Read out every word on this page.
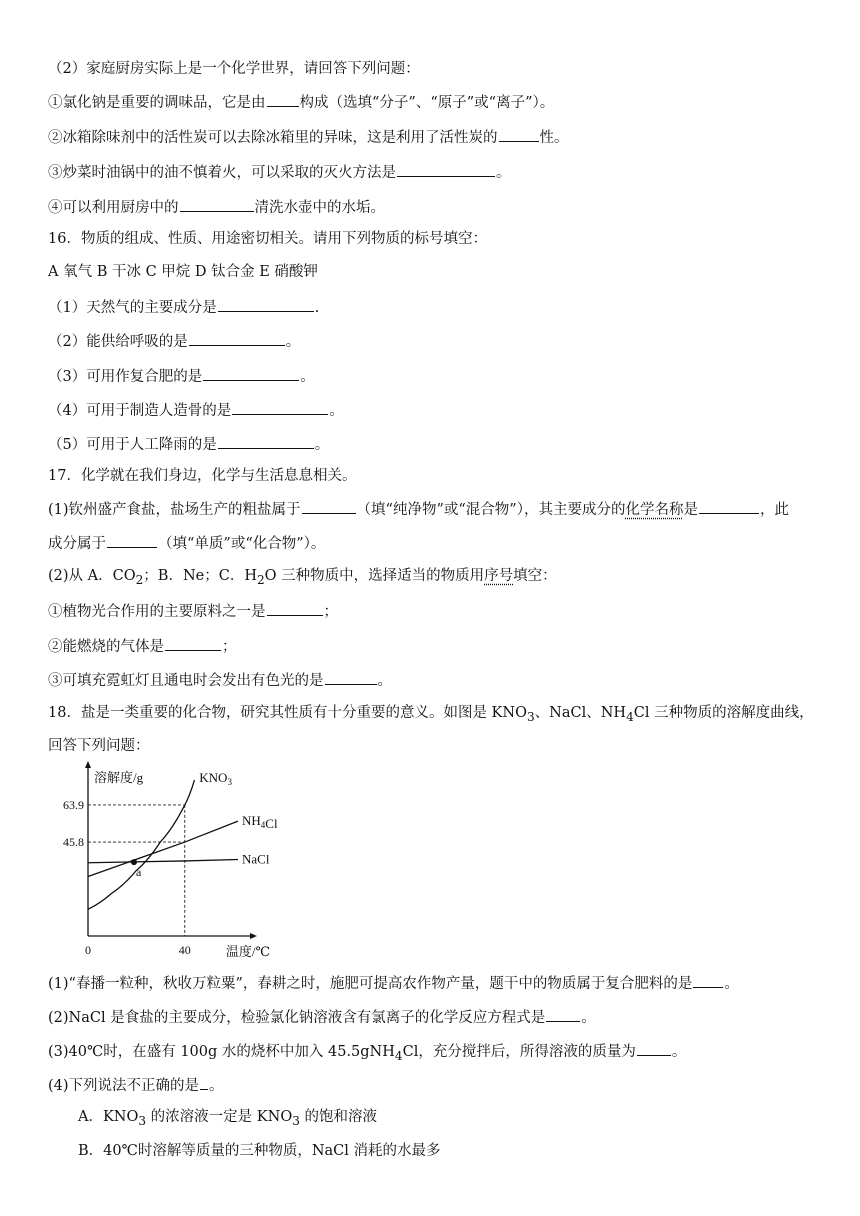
（2）家庭厨房实际上是一个化学世界，请回答下列问题：
①氯化钠是重要的调味品，它是由 构成（选填“分子”、“原子”或“离子”）。
②冰箱除味剂中的活性炭可以去除冰箱里的异味，这是利用了活性炭的	性。
③炒菜时油锅中的油不慎着火，可以采取的灭火方法是	。
④可以利用厨房中的	清洗水壶中的水垢。
16．物质的组成、性质、用途密切相关。请用下列物质的标号填空：
A 氧气 B 干冰 C 甲烷 D 钛合金 E 硝酸钾
（1）天然气的主要成分是	.
（2）能供给呼吸的是	。
（3）可用作复合肥的是	。
（4）可用于制造人造骨的是	。
（5）可用于人工降雨的是	。
17．化学就在我们身边，化学与生活息息相关。
(1)钦州盛产食盐，盐场生产的粗盐属于	（填“纯净物”或“混合物”），其主要成分的化学名称是	，此
成分属于	（填“单质”或“化合物”）。
(2)从 A．$CO_2$；B．Ne；C．$H_2O$ 三种物质中，选择适当的物质用序号填空：
①植物光合作用的主要原料之一是	；
②能燃烧的气体是	；
③可填充霓虹灯且通电时会发出有色光的是	。
18．盐是一类重要的化合物，研究其性质有十分重要的意义。如图是 $KNO_3$、NaCl、$NH_4Cl$ 三种物质的溶解度曲线，
回答下列问题：
溶解度/g
温度/℃
0	40
63.9
45.8
$KNO_3$
$NH_4Cl$
NaCl
a
(1)“春播一粒种，秋收万粒粟”，春耕之时，施肥可提高农作物产量，题干中的物质属于复合肥料的是 。
(2)NaCl 是食盐的主要成分，检验氯化钠溶液含有氯离子的化学反应方程式是 。
(3)40℃时，在盛有 100g 水的烧杯中加入 45.5gNH$_4$Cl，充分搅拌后，所得溶液的质量为 。
(4)下列说法不正确的是 。
A．$KNO_3$ 的浓溶液一定是 $KNO_3$ 的饱和溶液
B．40℃时溶解等质量的三种物质，NaCl 消耗的水最多
